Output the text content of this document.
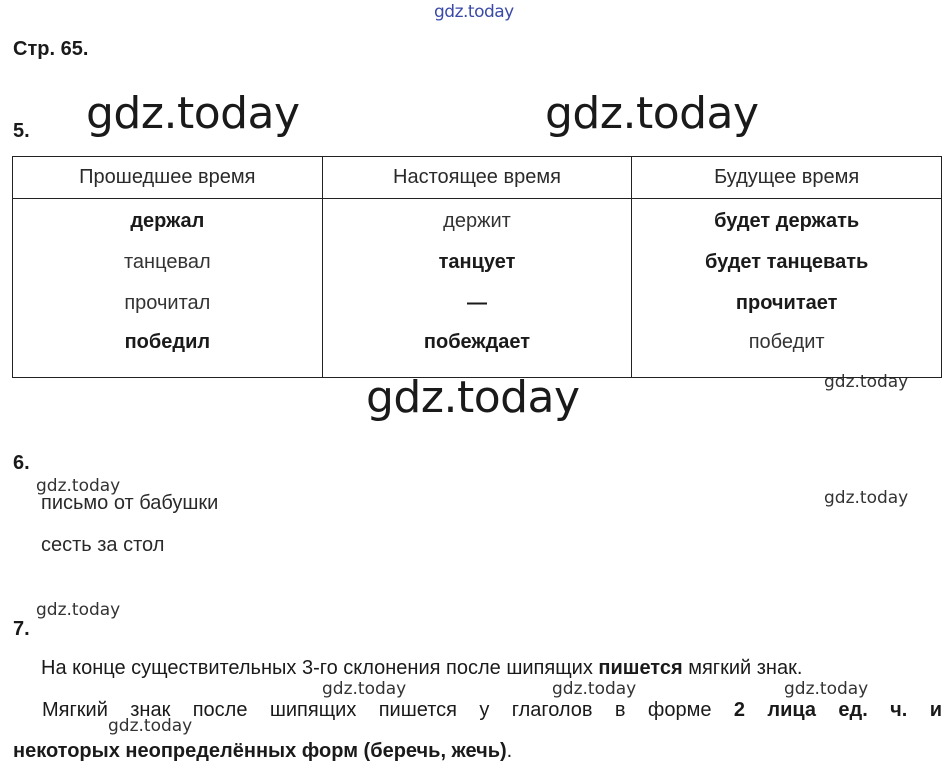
gdz.today
gdz.today	gdz.today
gdz.today	gdz.today
gdz.today
gdz.today
gdz.today
gdz.today	gdz.today	gdz.today
gdz.today
Стр. 65.
5.
Прошедшее время	Настоящее время	Будущее время
держал	держит	будет держать
танцевал	танцует	будет танцевать
прочитал	—	прочитает
победил	побеждает	победит
6.
письмо от бабушки
сесть за стол
7.
На конце существительных 3-го склонения после шипящих пишется мягкий знак.
Мягкий знак после шипящих пишется у глаголов в форме 2 лица ед. ч. и
некоторых неопределённых форм (беречь, жечь).
